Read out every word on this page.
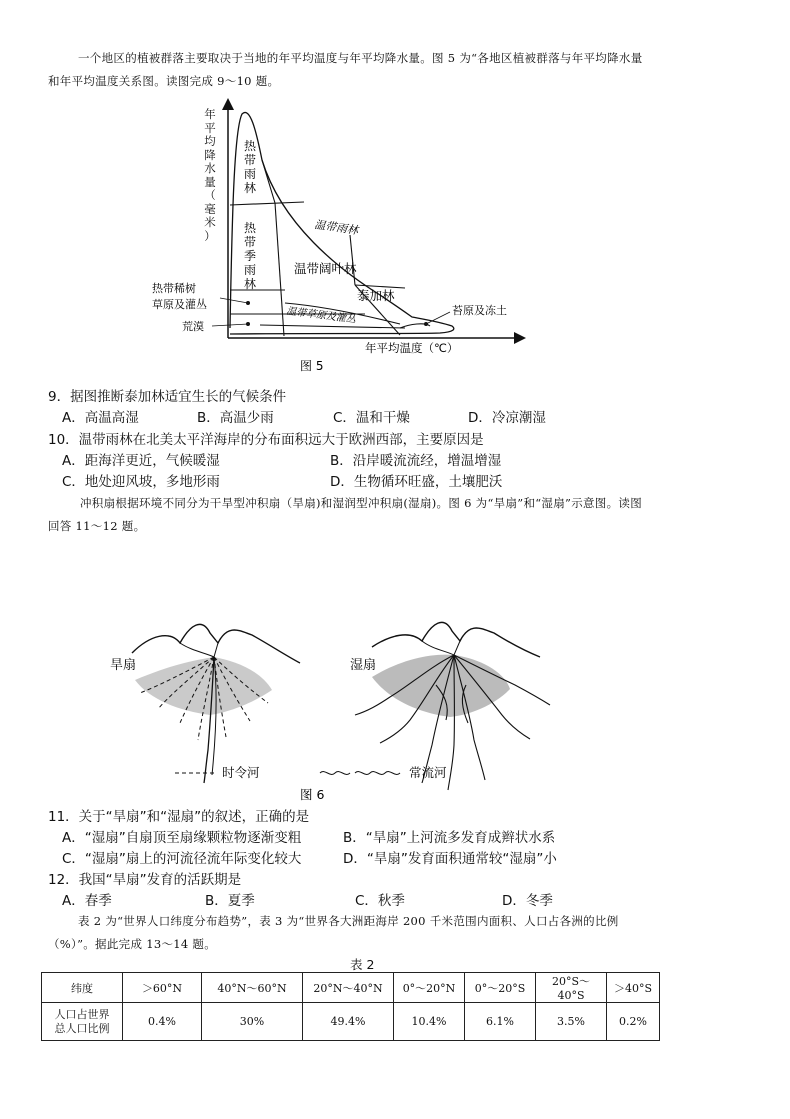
一个地区的植被群落主要取决于当地的年平均温度与年平均降水量。图 5 为“各地区植被群落与年平均降水量
和年平均温度关系图。读图完成 9～10 题。
热
带
雨
林
热
带
季
雨
林
温带雨林
温带阔叶林
泰加林
温带草原及灌丛
热带稀树
草原及灌丛
荒漠
苔原及冻土
年平均温度（℃）
图 5
年
平
均
降
水
量
（
毫
米
）
9．据图推断泰加林适宜生长的气候条件
A．高温高湿	B．高温少雨	C．温和干燥	D．冷凉潮湿
10．温带雨林在北美太平洋海岸的分布面积远大于欧洲西部，主要原因是
A．距海洋更近，气候暖湿	B．沿岸暖流流经，增温增湿
C．地处迎风坡，多地形雨	D．生物循环旺盛，土壤肥沃
冲积扇根据环境不同分为干旱型冲积扇（旱扇)和湿润型冲积扇(湿扇)。图 6 为“旱扇”和“湿扇”示意图。读图
回答 11～12 题。
旱扇	湿扇
时令河	常流河
图 6
11．关于“旱扇”和“湿扇”的叙述，正确的是
A．“湿扇”自扇顶至扇缘颗粒物逐渐变粗	B．“旱扇”上河流多发育成辫状水系
C．“湿扇”扇上的河流径流年际变化较大	D．“旱扇”发育面积通常较“湿扇”小
12．我国“旱扇”发育的活跃期是
A．春季	B．夏季	C．秋季	D．冬季
表 2 为“世界人口纬度分布趋势”，表 3 为“世界各大洲距海岸 200 千米范围内面积、人口占各洲的比例
（%）”。据此完成 13～14 题。
表 2
纬度	＞60°N	40°N～60°N	20°N～40°N	0°～20°N	0°～20°S	20°S～40°S	＞40°S

人口占世界
总人口比例	0.4%	30%	49.4%	10.4%	6.1%	3.5%	0.2%
